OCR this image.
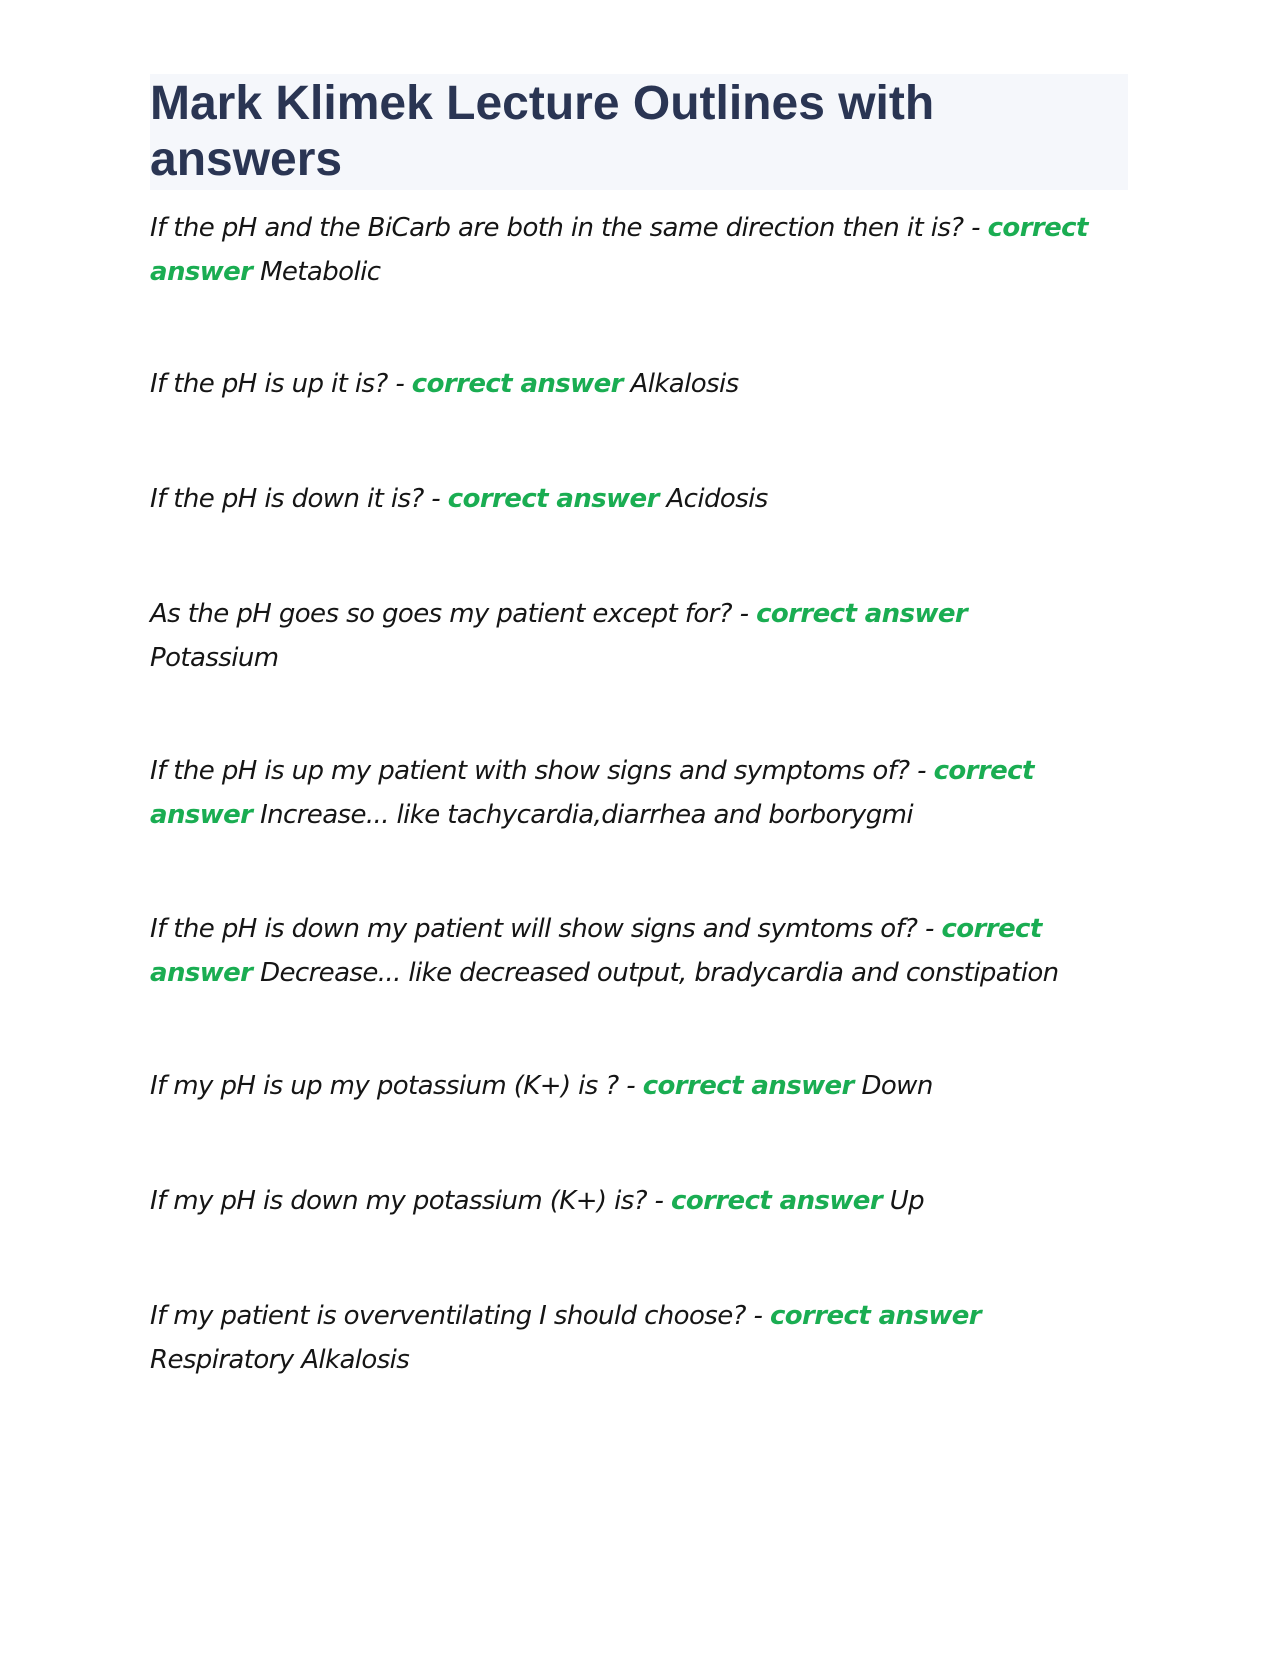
Mark Klimek Lecture Outlines with answers

If the pH and the BiCarb are both in the same direction then it is? - correct answer Metabolic

If the pH is up it is? - correct answer Alkalosis

If the pH is down it is? - correct answer Acidosis

As the pH goes so goes my patient except for? - correct answer
Potassium

If the pH is up my patient with show signs and symptoms of? - correct answer Increase... like tachycardia,diarrhea and borborygmi

If the pH is down my patient will show signs and symtoms of? - correct answer Decrease... like decreased output, bradycardia and constipation

If my pH is up my potassium (K+) is ? - correct answer Down

If my pH is down my potassium (K+) is? - correct answer Up

If my patient is overventilating I should choose? - correct answer
Respiratory Alkalosis
